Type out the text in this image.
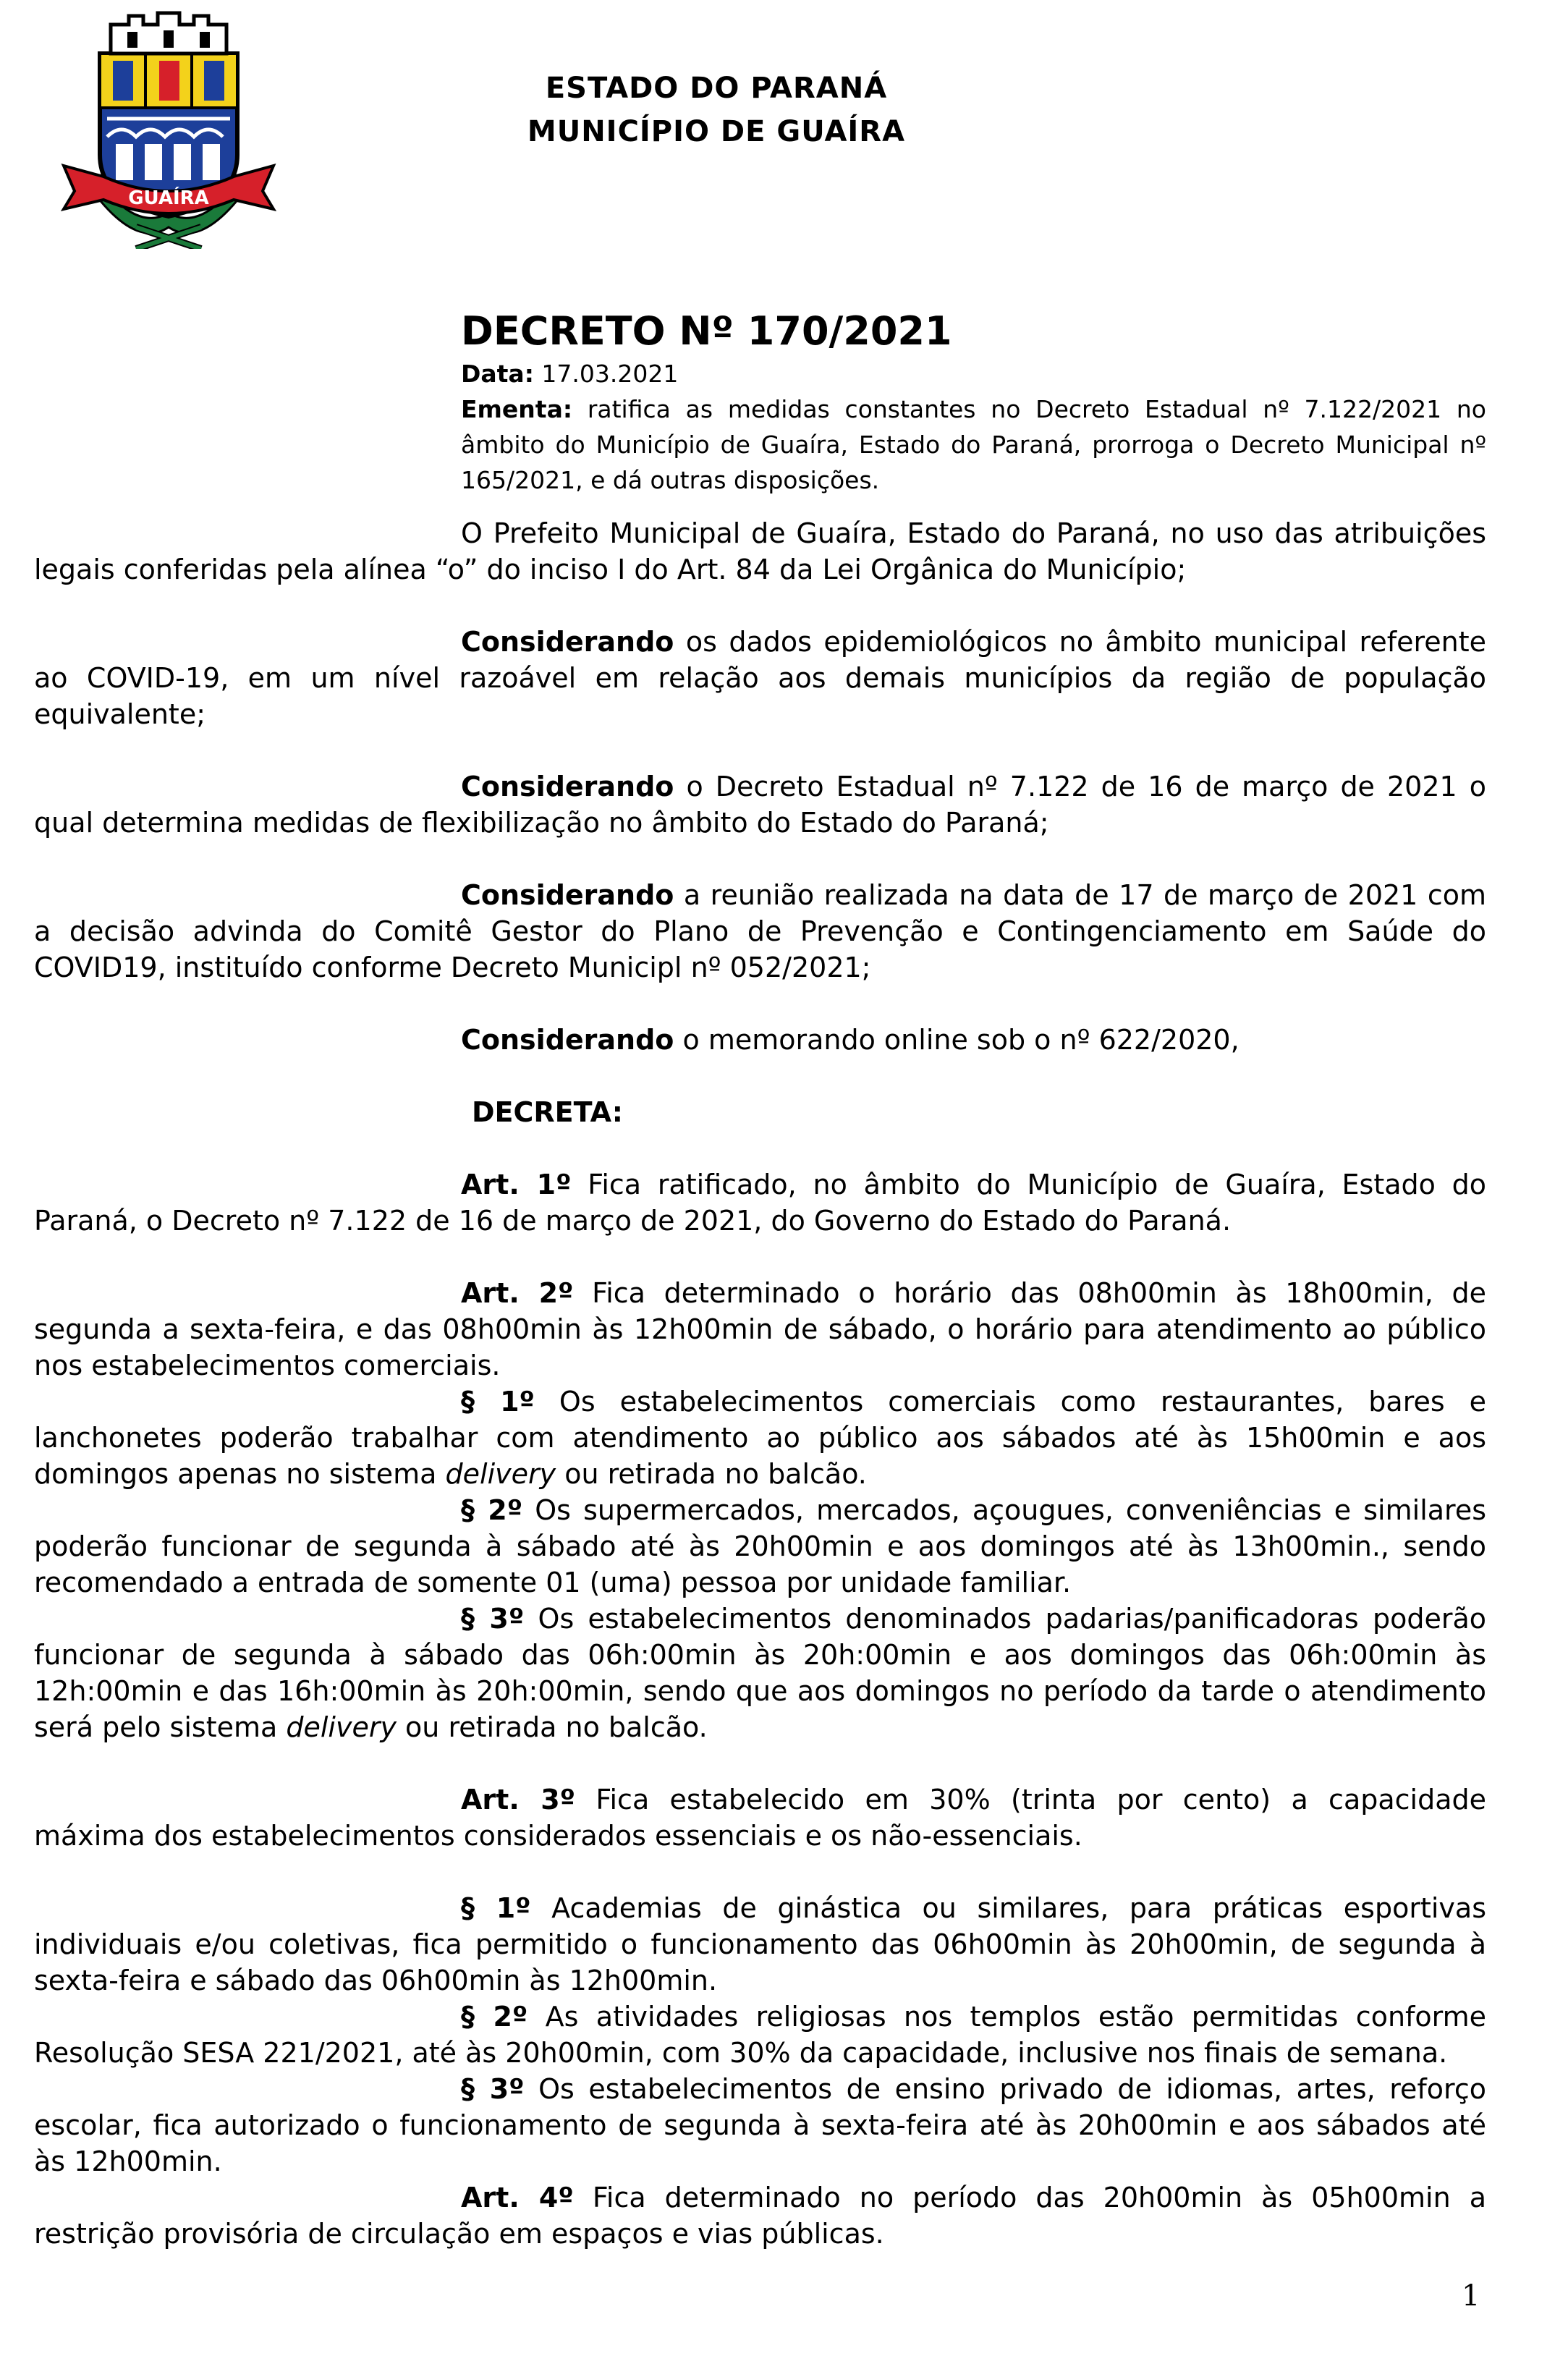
GUAÍRA
ESTADO DO PARANÁ
MUNICÍPIO DE GUAÍRA
DECRETO Nº 170/2021

Data: 17.03.2021

Ementa: ratifica as medidas constantes no Decreto Estadual nº 7.122/2021 no âmbito do Município de Guaíra, Estado do Paraná, prorroga o Decreto Municipal nº 165/2021, e dá outras disposições.

O Prefeito Municipal de Guaíra, Estado do Paraná, no uso das atribuições legais conferidas pela alínea “o” do inciso I do Art. 84 da Lei Orgânica do Município;

Considerando os dados epidemiológicos no âmbito municipal referente ao COVID-19, em um nível razoável em relação aos demais municípios da região de população equivalente;

Considerando o Decreto Estadual nº 7.122 de 16 de março de 2021 o qual determina medidas de flexibilização no âmbito do Estado do Paraná;

Considerando a reunião realizada na data de 17 de março de 2021 com a decisão advinda do Comitê Gestor do Plano de Prevenção e Contingenciamento em Saúde do COVID19, instituído conforme Decreto Municipl nº 052/2021;

Considerando o memorando online sob o nº 622/2020,

DECRETA:

Art. 1º Fica ratificado, no âmbito do Município de Guaíra, Estado do Paraná, o Decreto nº 7.122 de 16 de março de 2021, do Governo do Estado do Paraná.

Art. 2º Fica determinado o horário das 08h00min às 18h00min, de segunda a sexta-feira, e das 08h00min às 12h00min de sábado, o horário para atendimento ao público nos estabelecimentos comerciais.

§ 1º Os estabelecimentos comerciais como restaurantes, bares e lanchonetes poderão trabalhar com atendimento ao público aos sábados até às 15h00min e aos domingos apenas no sistema delivery ou retirada no balcão.

§ 2º Os supermercados, mercados, açougues, conveniências e similares poderão funcionar de segunda à sábado até às 20h00min e aos domingos até às 13h00min., sendo recomendado a entrada de somente 01 (uma) pessoa por unidade familiar.

§ 3º Os estabelecimentos denominados padarias/panificadoras poderão funcionar de segunda à sábado das 06h:00min às 20h:00min e aos domingos das 06h:00min às 12h:00min e das 16h:00min às 20h:00min, sendo que aos domingos no período da tarde o atendimento será pelo sistema delivery ou retirada no balcão.

Art. 3º Fica estabelecido em 30% (trinta por cento) a capacidade máxima dos estabelecimentos considerados essenciais e os não-essenciais.

§ 1º Academias de ginástica ou similares, para práticas esportivas individuais e/ou coletivas, fica permitido o funcionamento das 06h00min às 20h00min, de segunda à sexta-feira e sábado das 06h00min às 12h00min.

§ 2º As atividades religiosas nos templos estão permitidas conforme Resolução SESA 221/2021, até às 20h00min, com 30% da capacidade, inclusive nos finais de semana.

§ 3º Os estabelecimentos de ensino privado de idiomas, artes, reforço escolar, fica autorizado o funcionamento de segunda à sexta-feira até às 20h00min e aos sábados até às 12h00min.

Art. 4º Fica determinado no período das 20h00min às 05h00min a restrição provisória de circulação em espaços e vias públicas.

1
